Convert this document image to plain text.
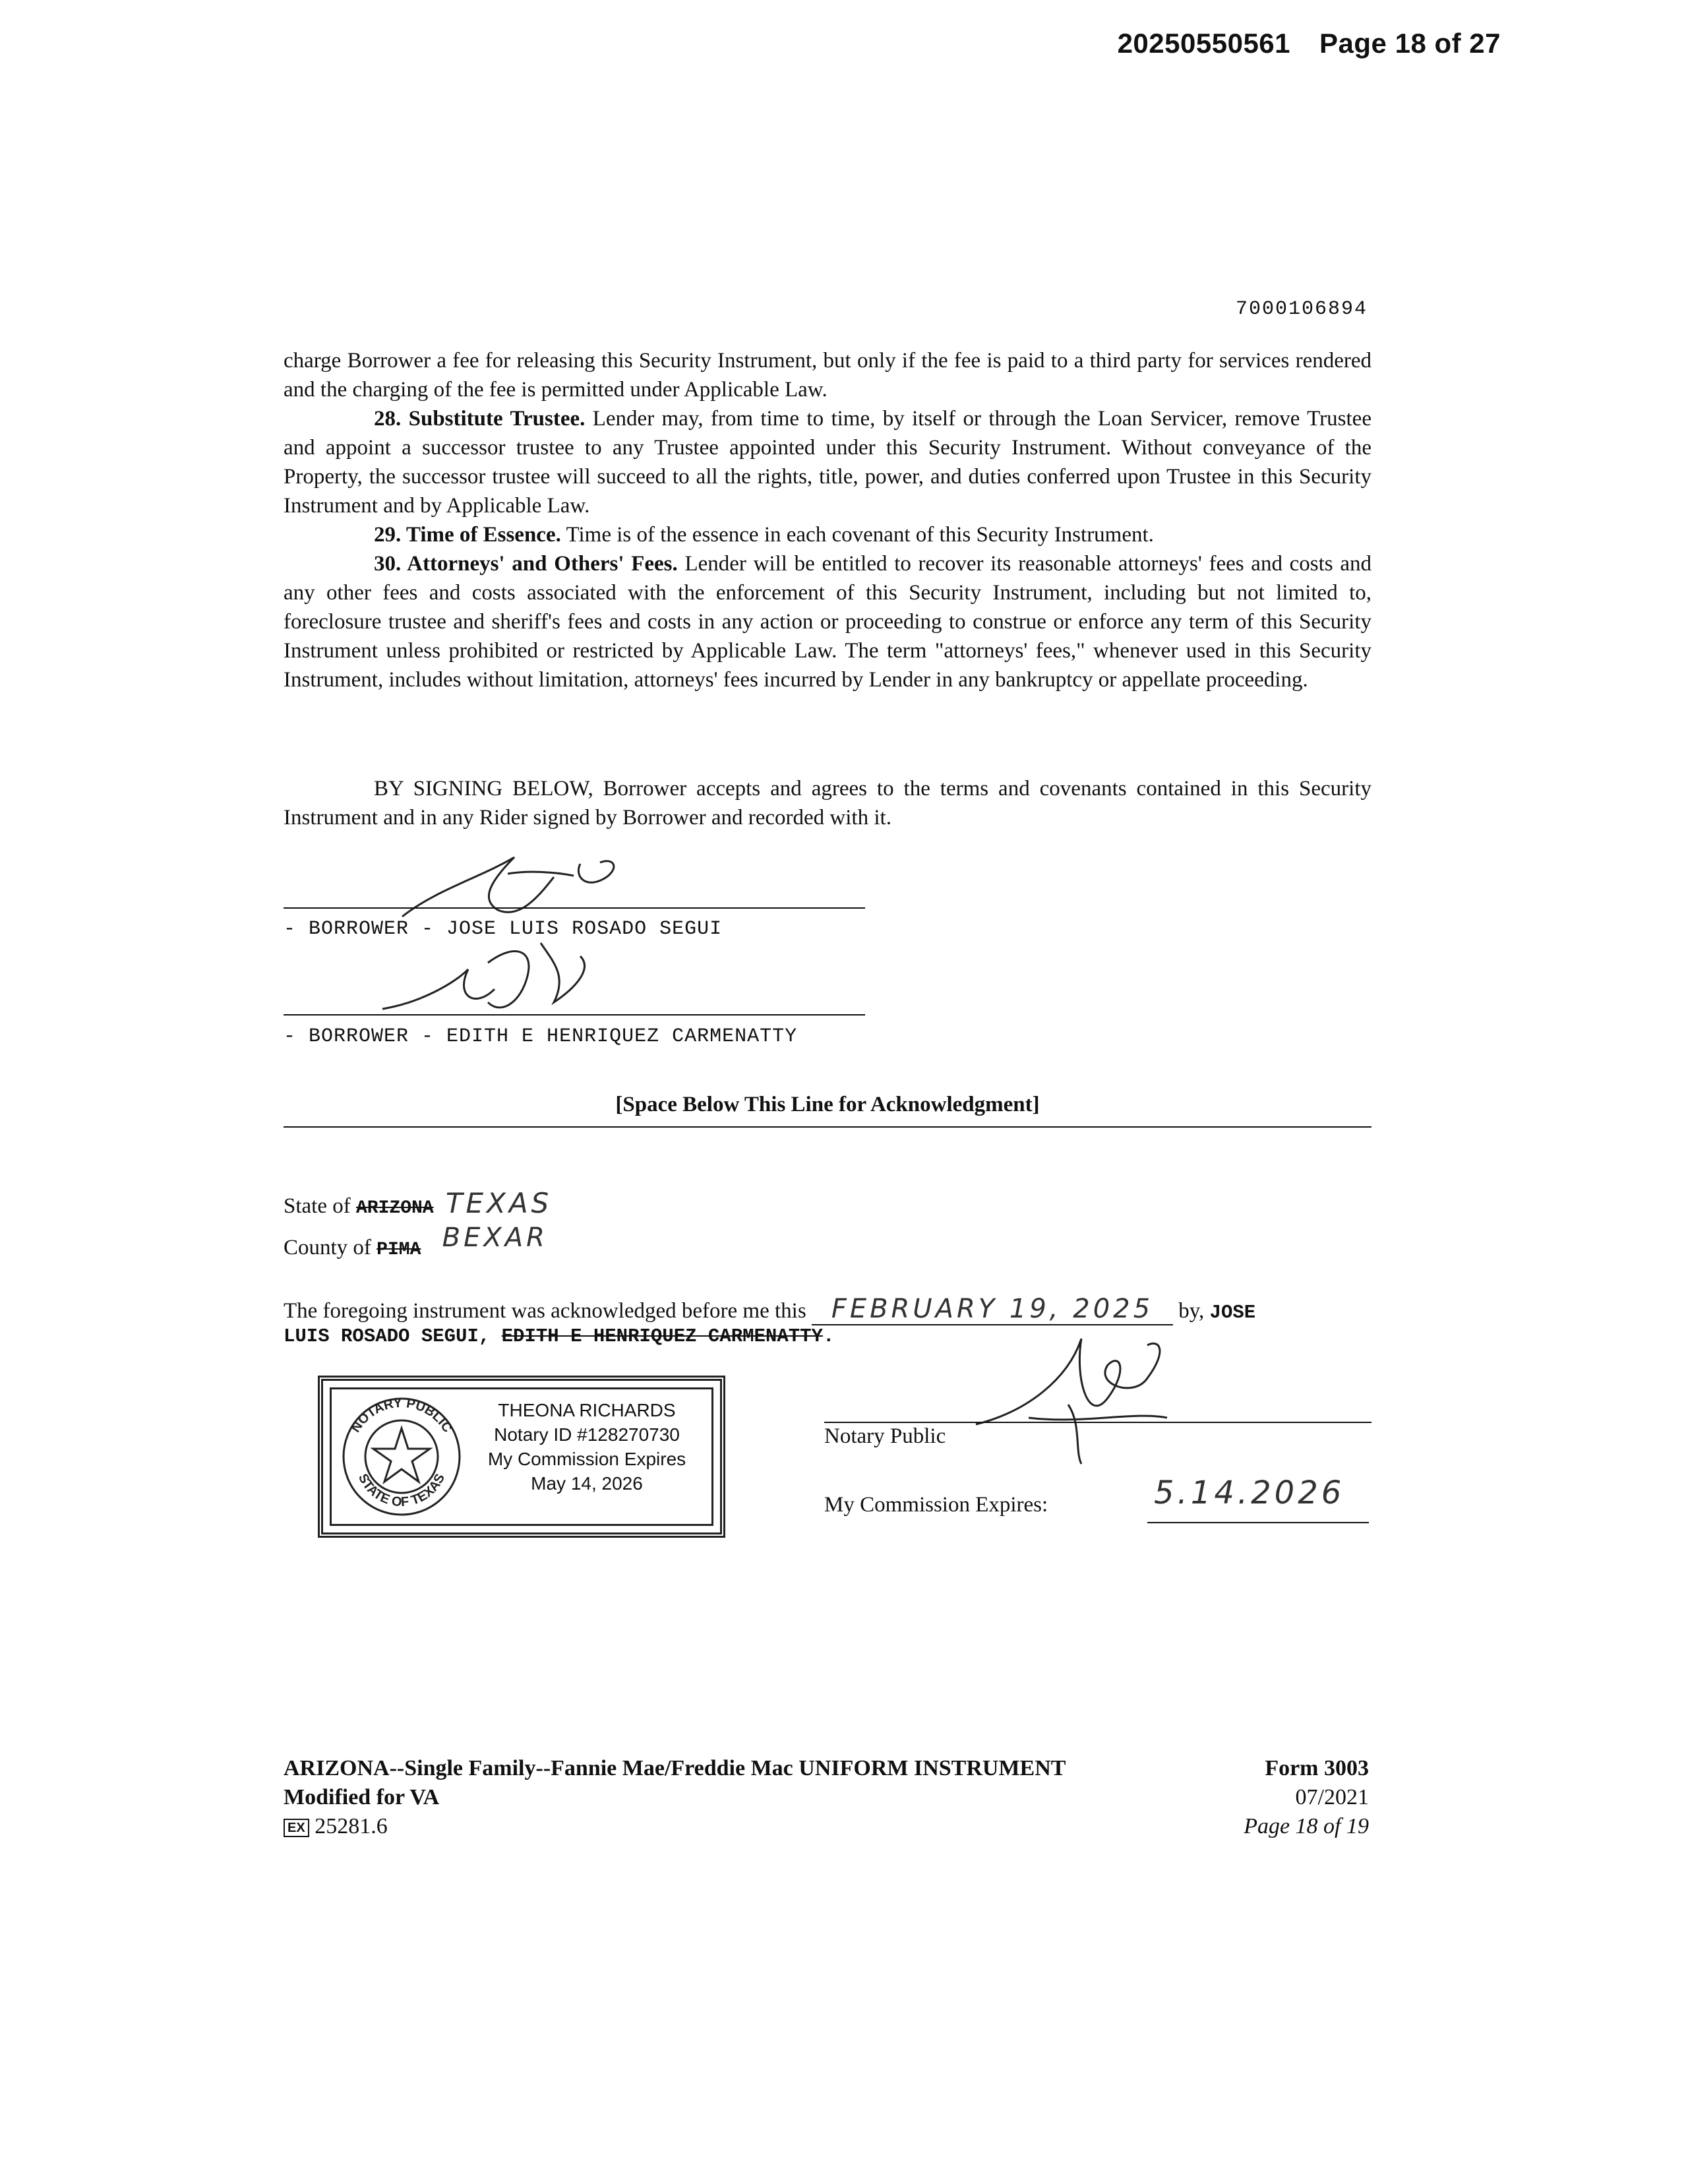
20250550561 Page 18 of 27
7000106894

charge Borrower a fee for releasing this Security Instrument, but only if the fee is paid to a third party for services rendered and the charging of the fee is permitted under Applicable Law.

28. Substitute Trustee. Lender may, from time to time, by itself or through the Loan Servicer, remove Trustee and appoint a successor trustee to any Trustee appointed under this Security Instrument. Without conveyance of the Property, the successor trustee will succeed to all the rights, title, power, and duties conferred upon Trustee in this Security Instrument and by Applicable Law.

29. Time of Essence. Time is of the essence in each covenant of this Security Instrument.

30. Attorneys' and Others' Fees. Lender will be entitled to recover its reasonable attorneys' fees and costs and any other fees and costs associated with the enforcement of this Security Instrument, including but not limited to, foreclosure trustee and sheriff's fees and costs in any action or proceeding to construe or enforce any term of this Security Instrument unless prohibited or restricted by Applicable Law. The term "attorneys' fees," whenever used in this Security Instrument, includes without limitation, attorneys' fees incurred by Lender in any bankruptcy or appellate proceeding.

BY SIGNING BELOW, Borrower accepts and agrees to the terms and covenants contained in this Security Instrument and in any Rider signed by Borrower and recorded with it.

- BORROWER - JOSE LUIS ROSADO SEGUI
- BORROWER - EDITH E HENRIQUEZ CARMENATTY
[Space Below This Line for Acknowledgment]
State of ARIZONA TEXAS
County of PIMA BEXAR
The foregoing instrument was acknowledged before me this FEBRUARY 19, 2025 by, JOSE
LUIS ROSADO SEGUI, EDITH E HENRIQUEZ CARMENATTY.
NOTARY PUBLIC
STATE OF TEXAS
THEONA RICHARDS
Notary ID #128270730
My Commission Expires
May 14, 2026
Notary Public
My Commission Expires:	5.14.2026
ARIZONA--Single Family--Fannie Mae/Freddie Mac UNIFORM INSTRUMENT
Modified for VA
EX 25281.6
Form 3003
07/2021
Page 18 of 19
